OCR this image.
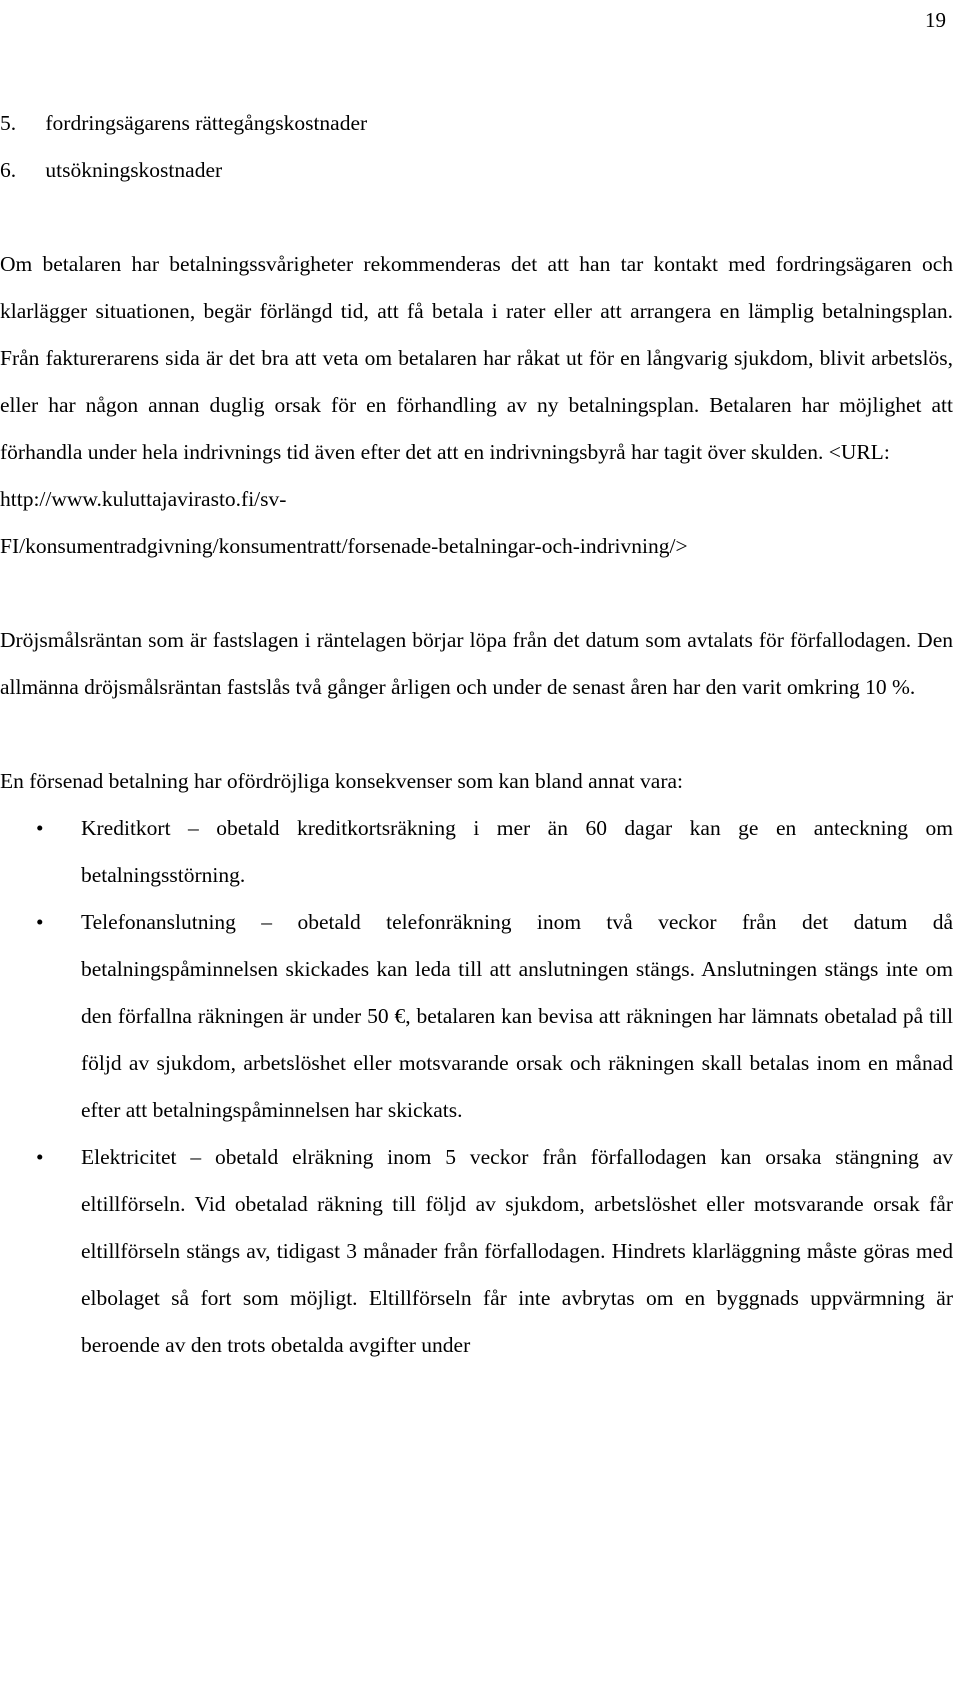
19
5. fordringsägarens rättegångskostnader
6. utsökningskostnader

Om betalaren har betalningssvårigheter rekommenderas det att han tar kontakt med fordringsägaren och klarlägger situationen, begär förlängd tid, att få betala i rater eller att arrangera en lämplig betalningsplan. Från fakturerarens sida är det bra att veta om betalaren har råkat ut för en långvarig sjukdom, blivit arbetslös, eller har någon annan duglig orsak för en förhandling av ny betalningsplan. Betalaren har möjlighet att förhandla under hela indrivnings tid även efter det att en indrivningsbyrå har tagit över skulden. <URL:
http://www.kuluttajavirasto.fi/sv-
FI/konsumentradgivning/konsumentratt/forsenade-betalningar-och-indrivning/>

Dröjsmålsräntan som är fastslagen i räntelagen börjar löpa från det datum som avtalats för förfallodagen. Den allmänna dröjsmålsräntan fastslås två gånger årligen och under de senast åren har den varit omkring 10 %.

En försenad betalning har ofördröjliga konsekvenser som kan bland annat vara:

• Kreditkort – obetald kreditkortsräkning i mer än 60 dagar kan ge en anteckning om betalningsstörning.
• Telefonanslutning – obetald telefonräkning inom två veckor från det datum då betalningspåminnelsen skickades kan leda till att anslutningen stängs. Anslutningen stängs inte om den förfallna räkningen är under 50 €, betalaren kan bevisa att räkningen har lämnats obetalad på till följd av sjukdom, arbetslöshet eller motsvarande orsak och räkningen skall betalas inom en månad efter att betalningspåminnelsen har skickats.
• Elektricitet – obetald elräkning inom 5 veckor från förfallodagen kan orsaka stängning av eltillförseln. Vid obetalad räkning till följd av sjukdom, arbetslöshet eller motsvarande orsak får eltillförseln stängs av, tidigast 3 månader från förfallodagen. Hindrets klarläggning måste göras med elbolaget så fort som möjligt. Eltillförseln får inte avbrytas om en byggnads uppvärmning är beroende av den trots obetalda avgifter under
